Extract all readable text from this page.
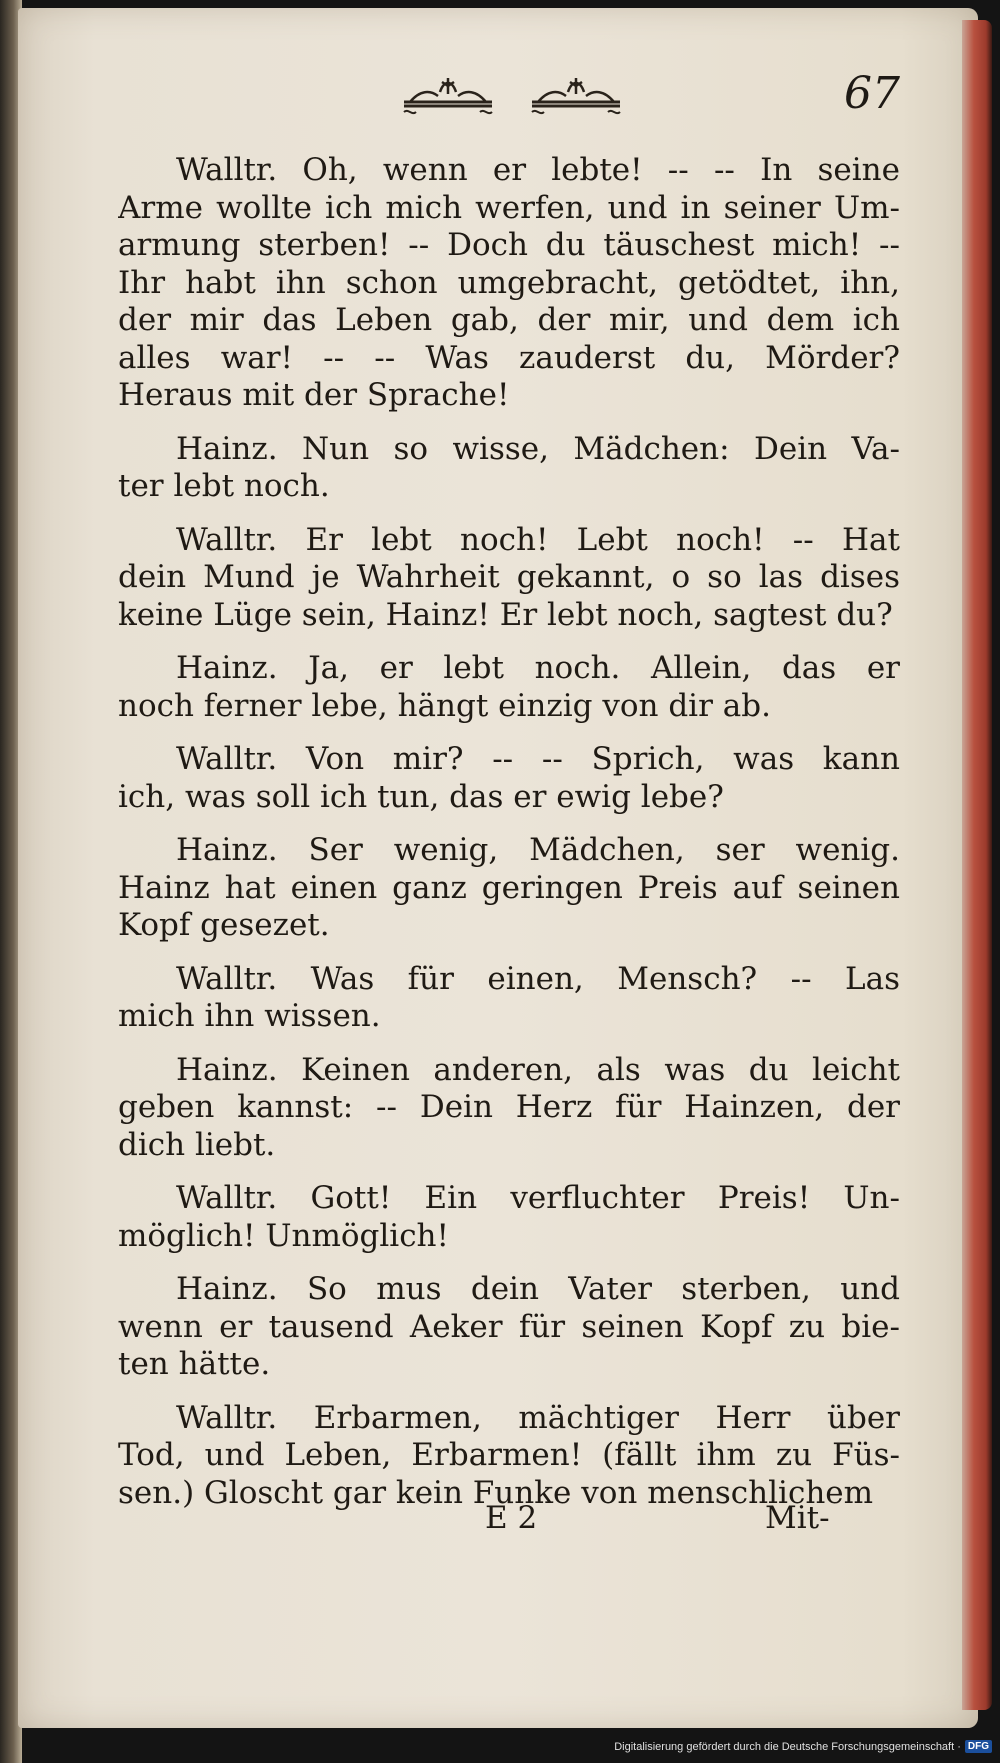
67
Walltr. Oh, wenn er lebte! -- -- In seine
Arme wollte ich mich werfen, und in seiner Um-
armung sterben! -- Doch du täuschest mich! --
Ihr habt ihn schon umgebracht, getödtet, ihn,
der mir das Leben gab, der mir, und dem ich
alles war! -- -- Was zauderst du, Mörder?
Heraus mit der Sprache!
Hainz. Nun so wisse, Mädchen: Dein Va-
ter lebt noch.
Walltr. Er lebt noch! Lebt noch! -- Hat
dein Mund je Wahrheit gekannt, o so las dises
keine Lüge sein, Hainz! Er lebt noch, sagtest du?
Hainz. Ja, er lebt noch. Allein, das er
noch ferner lebe, hängt einzig von dir ab.
Walltr. Von mir? -- -- Sprich, was kann
ich, was soll ich tun, das er ewig lebe?
Hainz. Ser wenig, Mädchen, ser wenig.
Hainz hat einen ganz geringen Preis auf seinen
Kopf gesezet.
Walltr. Was für einen, Mensch? -- Las
mich ihn wissen.
Hainz. Keinen anderen, als was du leicht
geben kannst: -- Dein Herz für Hainzen, der
dich liebt.
Walltr. Gott! Ein verfluchter Preis! Un-
möglich! Unmöglich!
Hainz. So mus dein Vater sterben, und
wenn er tausend Aeker für seinen Kopf zu bie-
ten hätte.
Walltr. Erbarmen, mächtiger Herr über
Tod, und Leben, Erbarmen! (fällt ihm zu Füs-
sen.) Gloscht gar kein Funke von menschlichem
E 2	Mit-
Digitalisierung gefördert durch die Deutsche Forschungsgemeinschaft · DFG
